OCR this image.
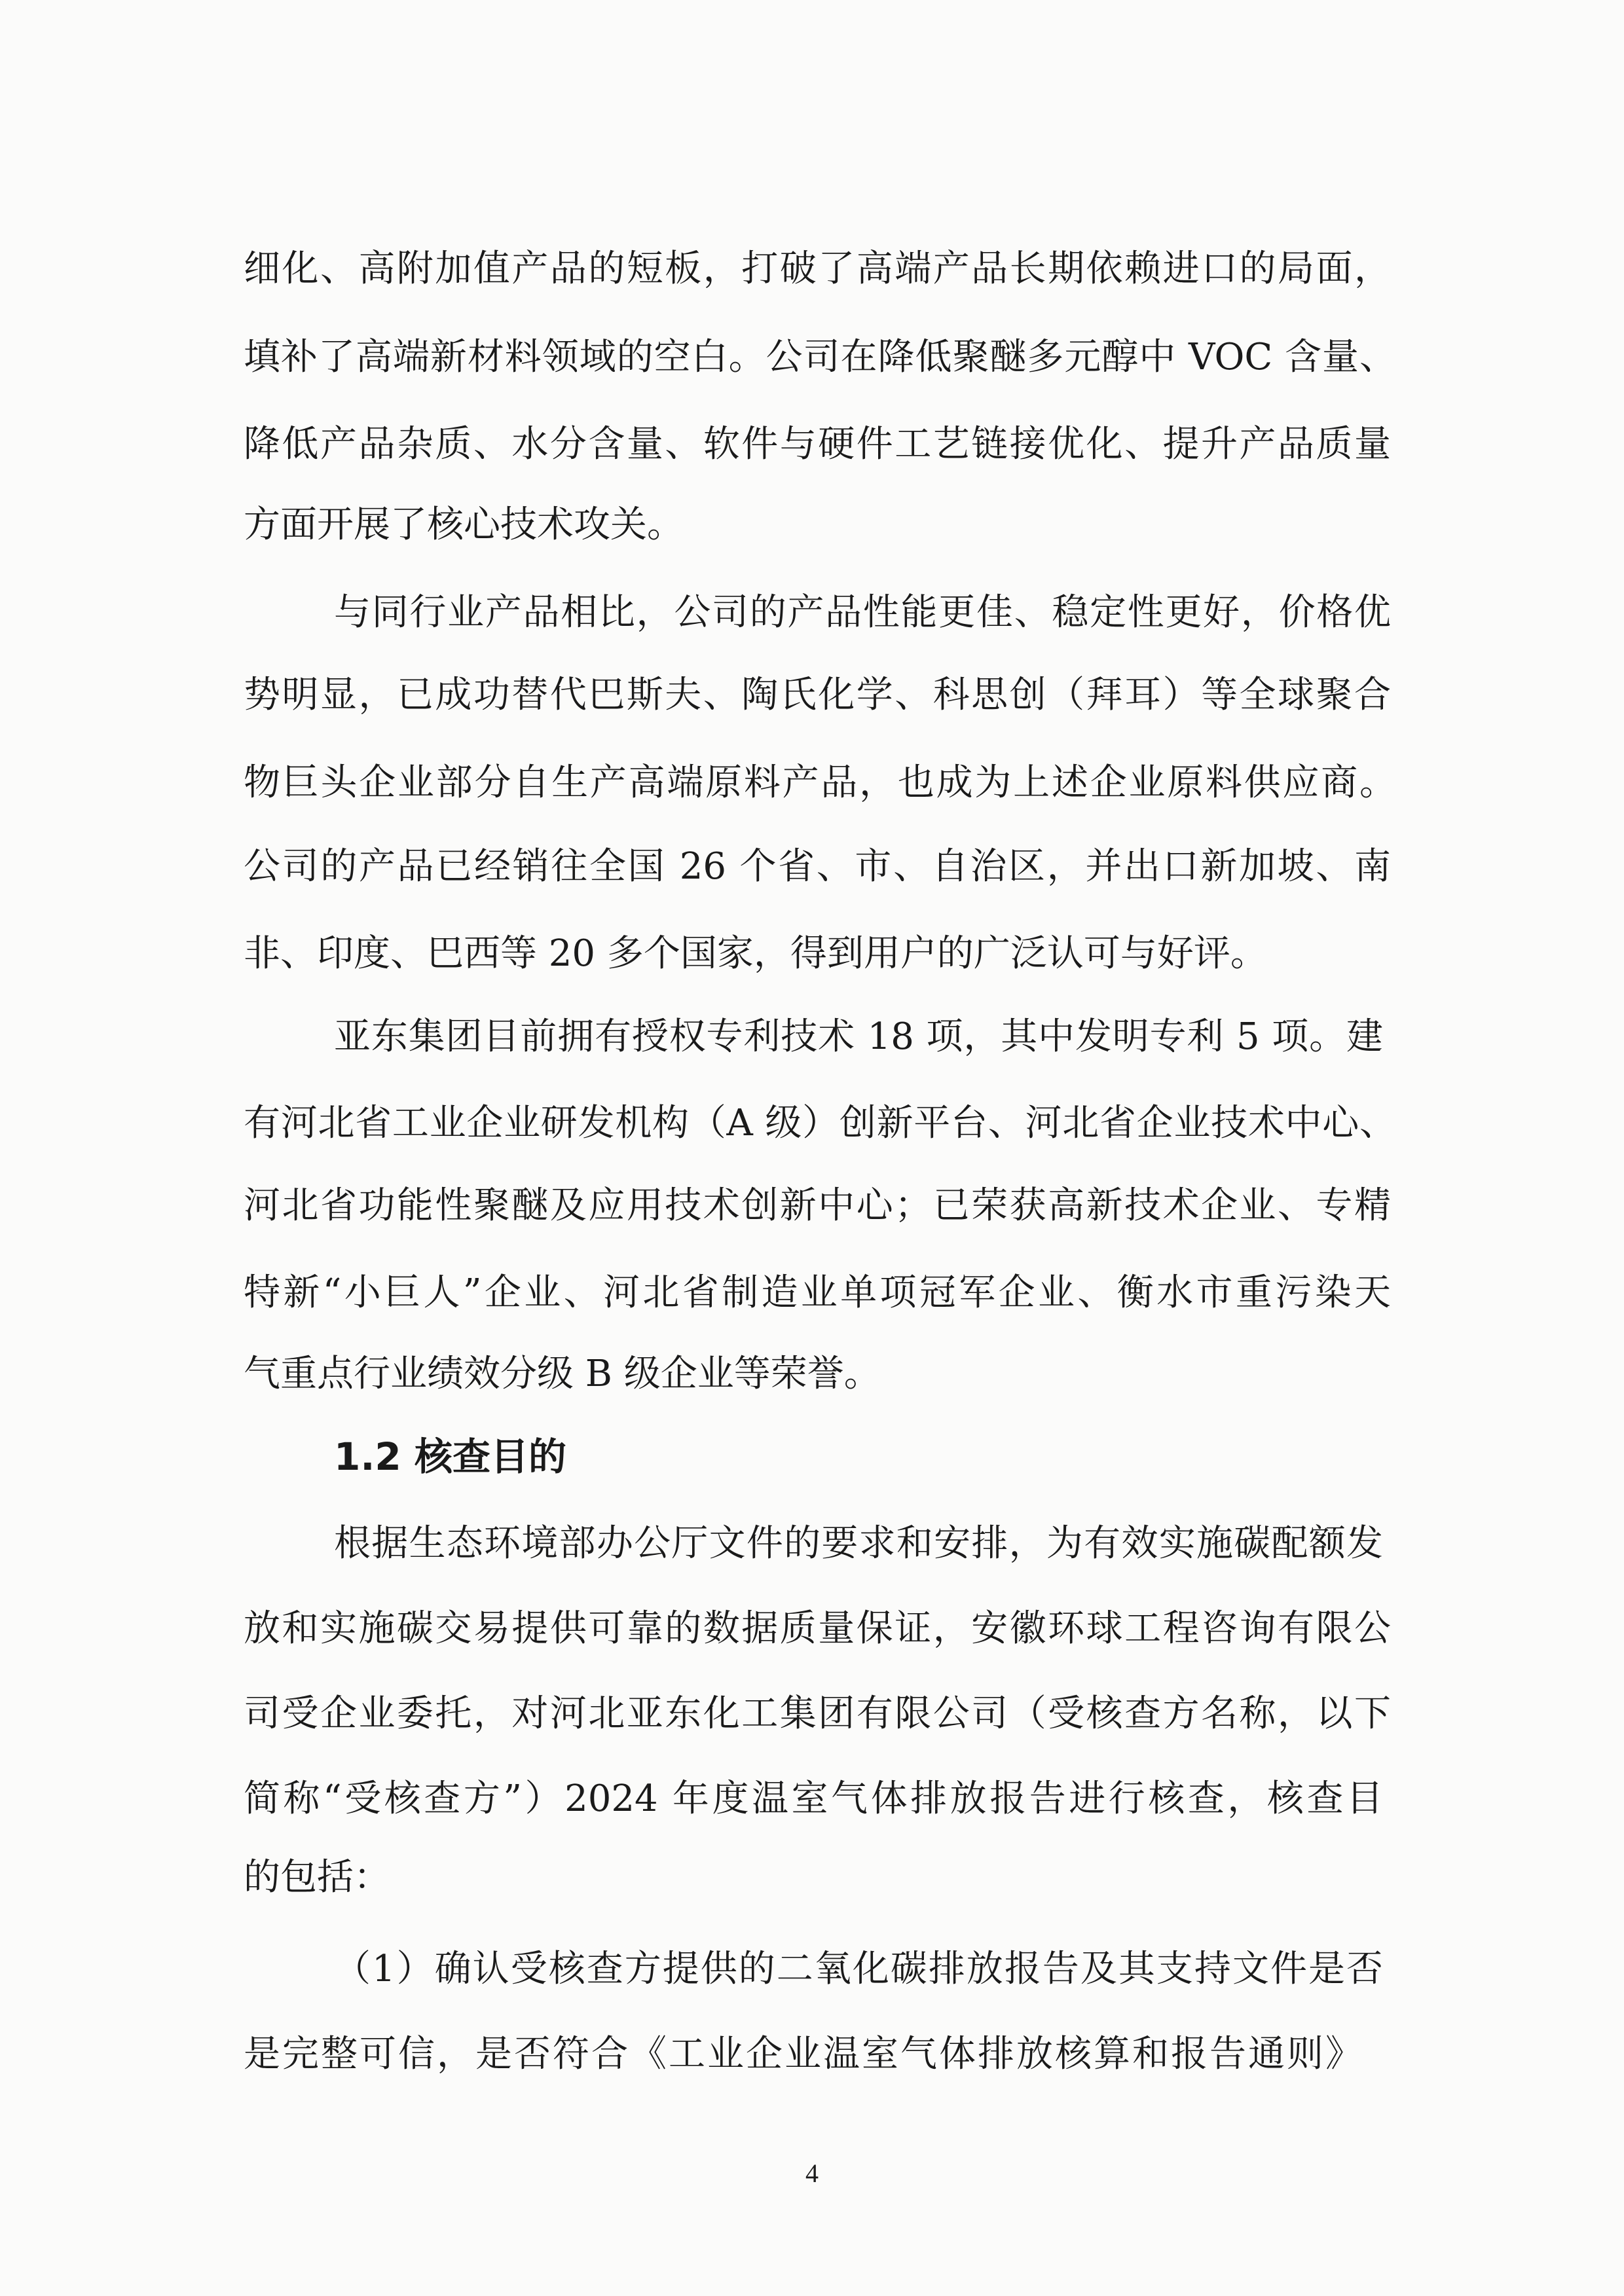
细化、高附加值产品的短板，打破了高端产品长期依赖进口的局面，
填补了高端新材料领域的空白。公司在降低聚醚多元醇中 VOC 含量、
降低产品杂质、水分含量、软件与硬件工艺链接优化、提升产品质量
方面开展了核心技术攻关。
与同行业产品相比，公司的产品性能更佳、稳定性更好，价格优
势明显，已成功替代巴斯夫、陶氏化学、科思创（拜耳）等全球聚合
物巨头企业部分自生产高端原料产品，也成为上述企业原料供应商。
公司的产品已经销往全国 26 个省、市、自治区，并出口新加坡、南
非、印度、巴西等 20 多个国家，得到用户的广泛认可与好评。
亚东集团目前拥有授权专利技术 18 项，其中发明专利 5 项。建
有河北省工业企业研发机构（A 级）创新平台、河北省企业技术中心、
河北省功能性聚醚及应用技术创新中心；已荣获高新技术企业、专精
特新“小巨人”企业、河北省制造业单项冠军企业、衡水市重污染天
气重点行业绩效分级 B 级企业等荣誉。
1.2 核查目的
根据生态环境部办公厅文件的要求和安排，为有效实施碳配额发
放和实施碳交易提供可靠的数据质量保证，安徽环球工程咨询有限公
司受企业委托，对河北亚东化工集团有限公司（受核查方名称，以下
简称“受核查方”）2024 年度温室气体排放报告进行核查，核查目
的包括：
（1）确认受核查方提供的二氧化碳排放报告及其支持文件是否
是完整可信，是否符合《工业企业温室气体排放核算和报告通则》
4
